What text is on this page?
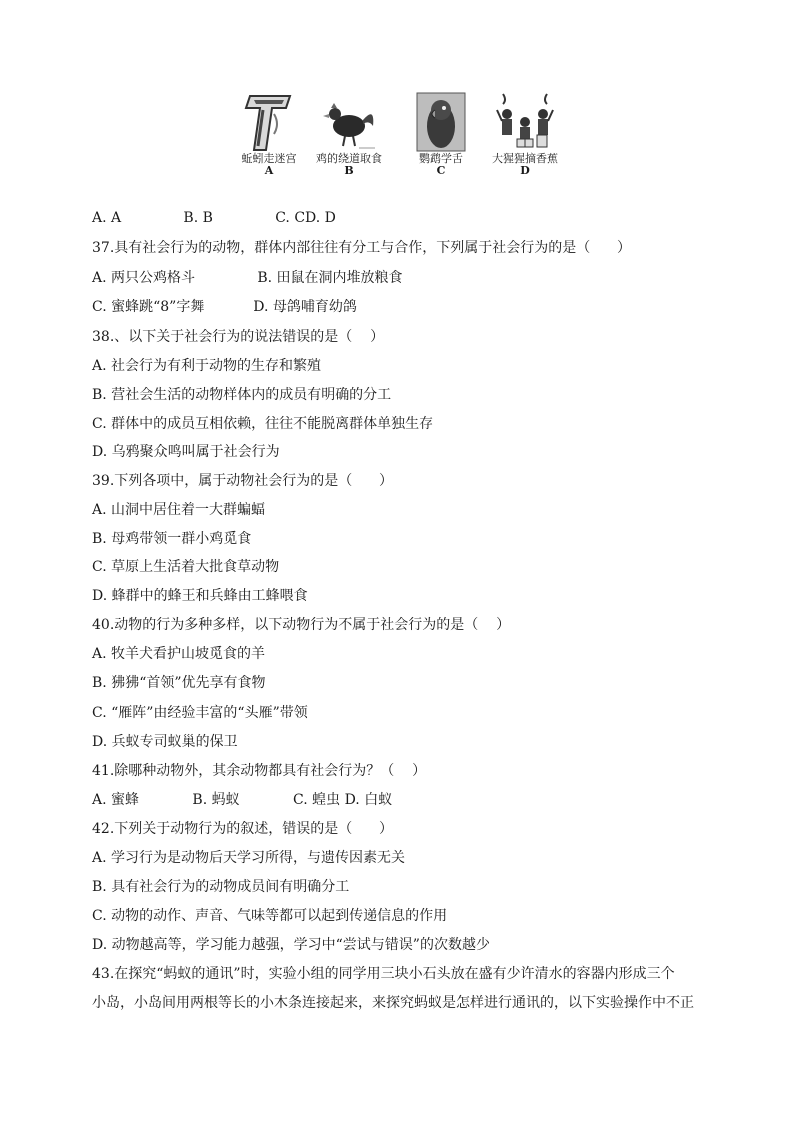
蚯蚓走迷宫
A
鸡的绕道取食
B
鹦鹉学舌
C
大猩猩摘香蕉
D
A. A              B. B              C. CD. D
37.具有社会行为的动物，群体内部往往有分工与合作，下列属于社会行为的是（      ）
A. 两只公鸡格斗              B. 田鼠在洞内堆放粮食
C. 蜜蜂跳“8”字舞           D. 母鸽哺育幼鸽
38.、以下关于社会行为的说法错误的是（    ）
A. 社会行为有利于动物的生存和繁殖
B. 营社会生活的动物样体内的成员有明确的分工
C. 群体中的成员互相依赖，往往不能脱离群体单独生存
D. 乌鸦聚众鸣叫属于社会行为
39.下列各项中，属于动物社会行为的是（      ）
A. 山洞中居住着一大群蝙蝠
B. 母鸡带领一群小鸡觅食
C. 草原上生活着大批食草动物
D. 蜂群中的蜂王和兵蜂由工蜂喂食
40.动物的行为多种多样，以下动物行为不属于社会行为的是（    ）
A. 牧羊犬看护山坡觅食的羊
B. 狒狒“首领”优先享有食物
C. “雁阵”由经验丰富的“头雁”带领
D. 兵蚁专司蚁巢的保卫
41.除哪种动物外，其余动物都具有社会行为？（    ）
A. 蜜蜂            B. 蚂蚁            C. 蝗虫 D. 白蚁
42.下列关于动物行为的叙述，错误的是（      ）
A. 学习行为是动物后天学习所得，与遗传因素无关
B. 具有社会行为的动物成员间有明确分工
C. 动物的动作、声音、气味等都可以起到传递信息的作用
D. 动物越高等，学习能力越强，学习中“尝试与错误”的次数越少
43.在探究“蚂蚁的通讯”时，实验小组的同学用三块小石头放在盛有少许清水的容器内形成三个
小岛，小岛间用两根等长的小木条连接起来，来探究蚂蚁是怎样进行通讯的，以下实验操作中不正
